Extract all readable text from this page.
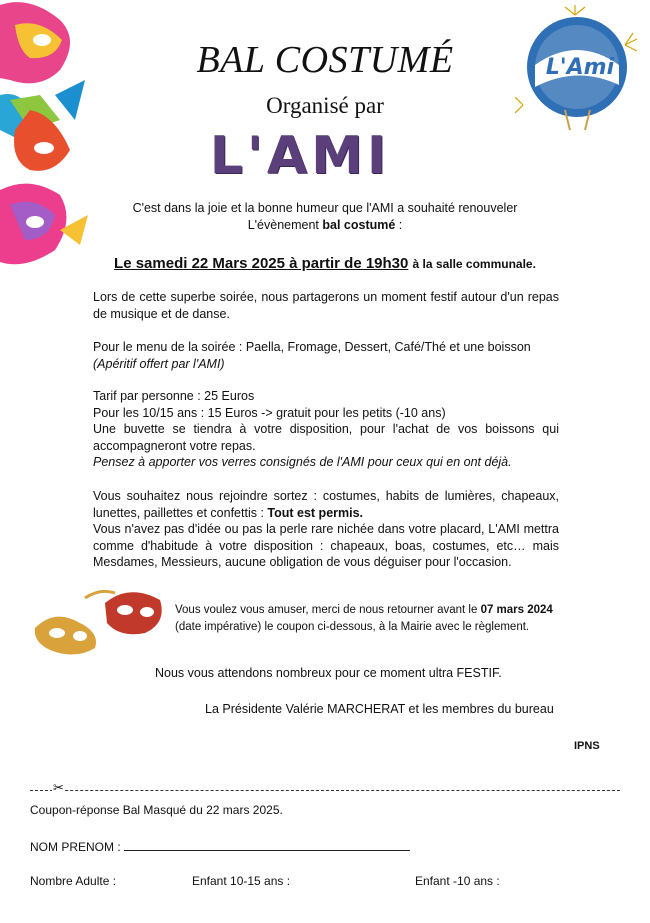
L'Ami
BAL COSTUMÉ
Organisé par
L'AMI
C'est dans la joie et la bonne humeur que l'AMI a souhaité renouveler
L'évènement bal costumé :
Le samedi 22 Mars 2025 à partir de 19h30 à la salle communale.
Lors de cette superbe soirée, nous partagerons un moment festif autour d'un repas de musique et de danse.
Pour le menu de la soirée : Paella, Fromage, Dessert, Café/Thé et une boisson
(Apéritif offert par l'AMI)
Tarif par personne : 25 Euros
Pour les 10/15 ans : 15 Euros -> gratuit pour les petits (-10 ans)
Une buvette se tiendra à votre disposition, pour l'achat de vos boissons qui accompagneront votre repas.
Pensez à apporter vos verres consignés de l'AMI pour ceux qui en ont déjà.
Vous souhaitez nous rejoindre sortez : costumes, habits de lumières, chapeaux, lunettes, paillettes et confettis : Tout est permis.
Vous n'avez pas d'idée ou pas la perle rare nichée dans votre placard, L'AMI mettra comme d'habitude à votre disposition : chapeaux, boas, costumes, etc… mais Mesdames, Messieurs, aucune obligation de vous déguiser pour l'occasion.
Vous voulez vous amuser, merci de nous retourner avant le 07 mars 2024
(date impérative) le coupon ci-dessous, à la Mairie avec le règlement.
Nous vous attendons nombreux pour ce moment ultra FESTIF.
La Présidente Valérie MARCHERAT et les membres du bureau
IPNS
✂
Coupon-réponse Bal Masqué du 22 mars 2025.
NOM PRENOM :
Nombre Adulte :	Enfant 10-15 ans :	Enfant -10 ans :
